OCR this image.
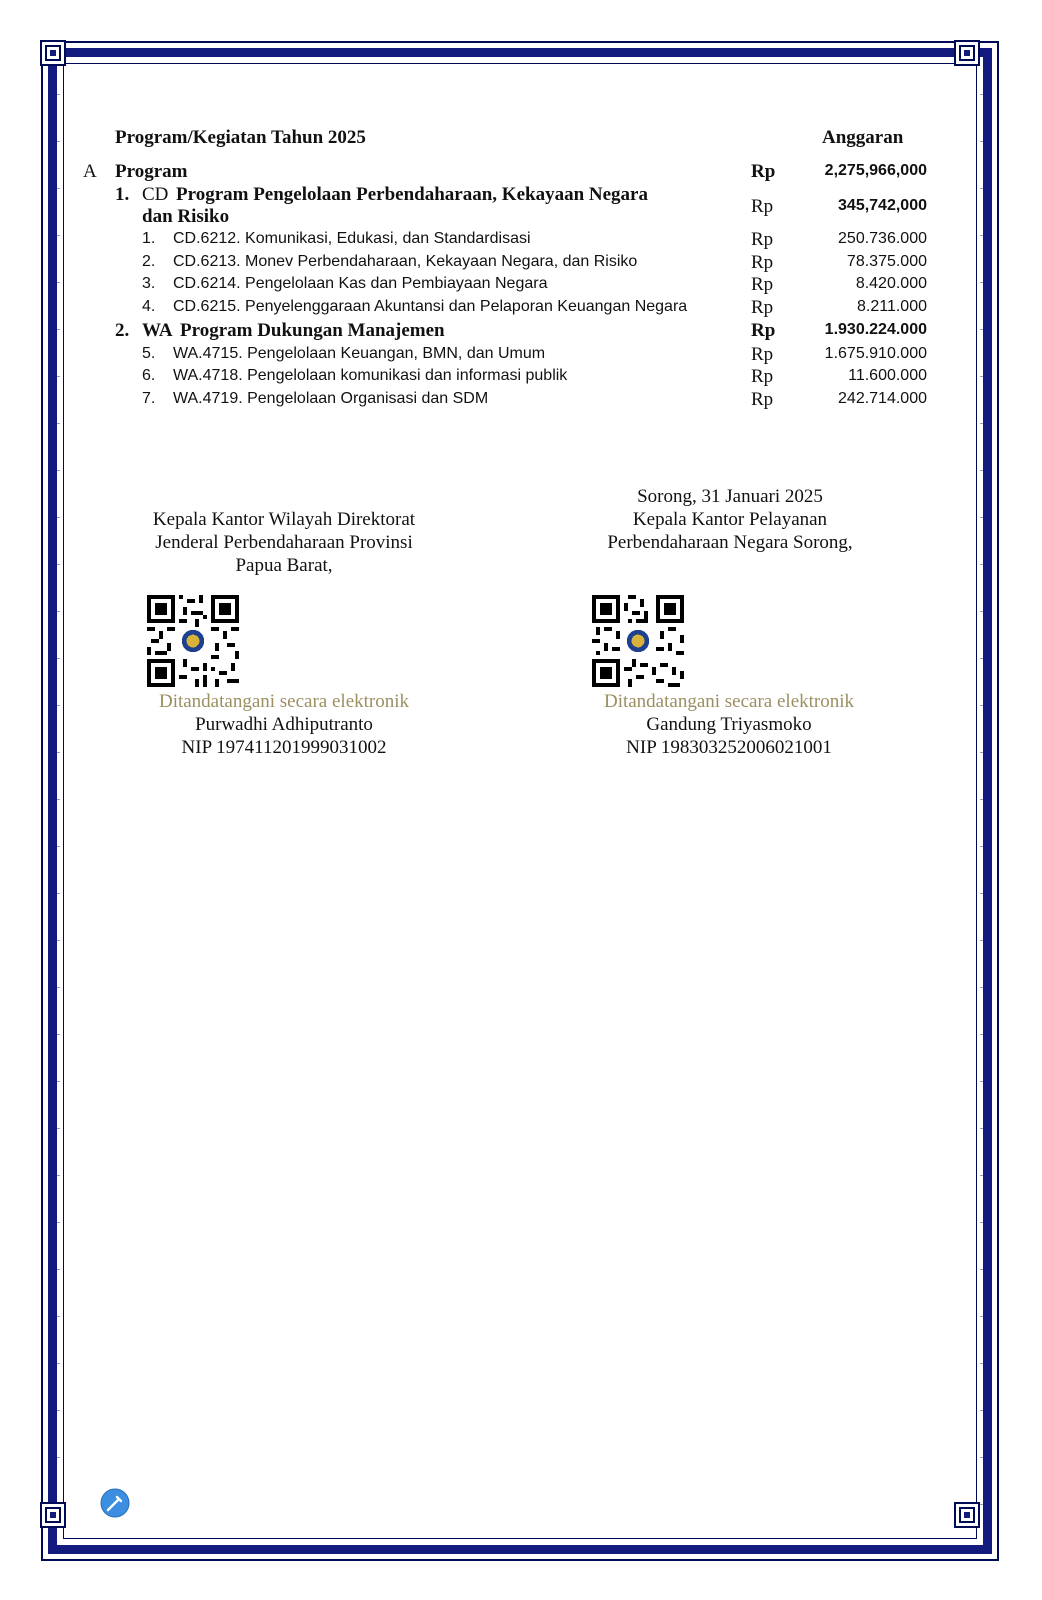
Program/Kegiatan Tahun 2025	Anggaran
A Program	Rp	2,275,966,000
1. CD Program Pengelolaan Perbendaharaan, Kekayaan Negara
dan Risiko	Rp	345,742,000
1. CD.6212. Komunikasi, Edukasi, dan Standardisasi	Rp	250.736.000
2. CD.6213. Monev Perbendaharaan, Kekayaan Negara, dan Risiko	Rp	78.375.000
3. CD.6214. Pengelolaan Kas dan Pembiayaan Negara	Rp	8.420.000
4. CD.6215. Penyelenggaraan Akuntansi dan Pelaporan Keuangan Negara	Rp	8.211.000
2. WA Program Dukungan Manajemen	Rp	1.930.224.000
5. WA.4715. Pengelolaan Keuangan, BMN, dan Umum	Rp	1.675.910.000
6. WA.4718. Pengelolaan komunikasi dan informasi publik	Rp	11.600.000
7. WA.4719. Pengelolaan Organisasi dan SDM	Rp	242.714.000
Sorong, 31 Januari 2025
Kepala Kantor Pelayanan
Perbendaharaan Negara Sorong,
Kepala Kantor Wilayah Direktorat
Jenderal Perbendaharaan Provinsi
Papua Barat,
Ditandatangani secara elektronik
Purwadhi Adhiputranto
NIP 197411201999031002
Ditandatangani secara elektronik
Gandung Triyasmoko
NIP 198303252006021001
